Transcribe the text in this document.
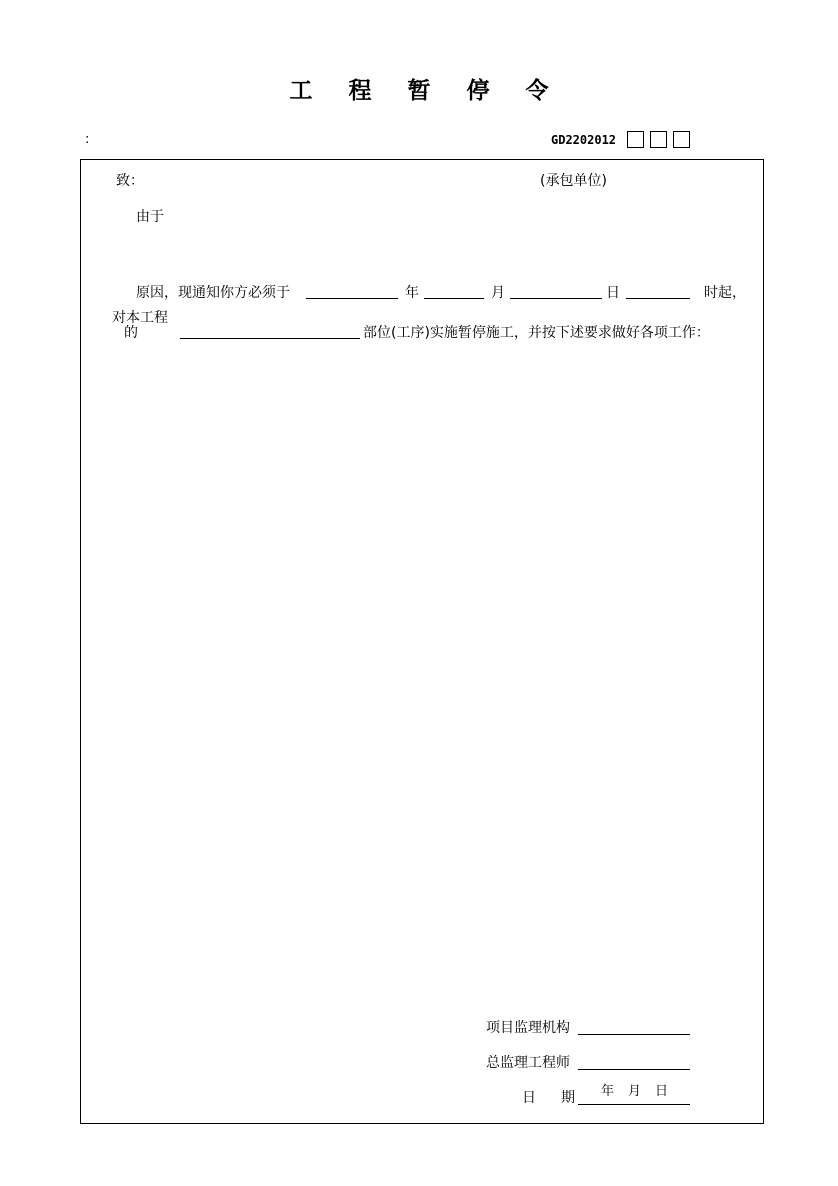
工 程 暂 停 令
:	GD2202012
致：	(承包单位)
由于
原因，现通知你方必须于	年	月	日	时起，
对本工程
的	部位(工序)实施暂停施工，并按下述要求做好各项工作：
项目监理机构
总监理工程师
日 期 年 月 日
